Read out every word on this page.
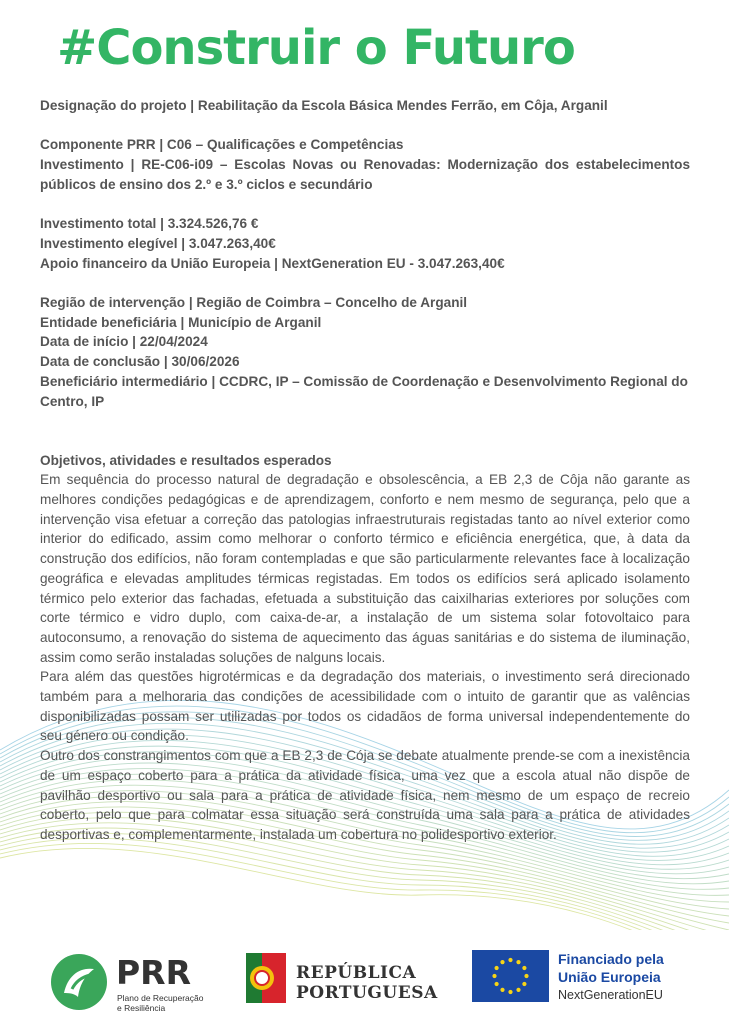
#Construir o Futuro

Designação do projeto | Reabilitação da Escola Básica Mendes Ferrão, em Côja, Arganil

Componente PRR | C06 – Qualificações e Competências

Investimento | RE-C06-i09 – Escolas Novas ou Renovadas: Modernização dos estabelecimentos públicos de ensino dos 2.º e 3.º ciclos e secundário

Investimento total | 3.324.526,76 €

Investimento elegível | 3.047.263,40€

Apoio financeiro da União Europeia | NextGeneration EU - 3.047.263,40€

Região de intervenção | Região de Coimbra – Concelho de Arganil

Entidade beneficiária | Município de Arganil

Data de início | 22/04/2024

Data de conclusão | 30/06/2026

Beneficiário intermediário | CCDRC, IP – Comissão de Coordenação e Desenvolvimento Regional do Centro, IP

Objetivos, atividades e resultados esperados

Em sequência do processo natural de degradação e obsolescência, a EB 2,3 de Côja não garante as melhores condições pedagógicas e de aprendizagem, conforto e nem mesmo de segurança, pelo que a intervenção visa efetuar a correção das patologias infraestruturais registadas tanto ao nível exterior como interior do edificado, assim como melhorar o conforto térmico e eficiência energética, que, à data da construção dos edifícios, não foram contempladas e que são particularmente relevantes face à localização geográfica e elevadas amplitudes térmicas registadas. Em todos os edifícios será aplicado isolamento térmico pelo exterior das fachadas, efetuada a substituição das caixilharias exteriores por soluções com corte térmico e vidro duplo, com caixa-de-ar, a instalação de um sistema solar fotovoltaico para autoconsumo, a renovação do sistema de aquecimento das águas sanitárias e do sistema de iluminação, assim como serão instaladas soluções de nalguns locais.

Para além das questões higrotérmicas e da degradação dos materiais, o investimento será direcionado também para a melhoraria das condições de acessibilidade com o intuito de garantir que as valências disponibilizadas possam ser utilizadas por todos os cidadãos de forma universal independentemente do seu género ou condição.

Outro dos constrangimentos com que a EB 2,3 de Cója se debate atualmente prende-se com a inexistência de um espaço coberto para a prática da atividade física, uma vez que a escola atual não dispõe de pavilhão desportivo ou sala para a prática de atividade física, nem mesmo de um espaço de recreio coberto, pelo que para colmatar essa situação será construída uma sala para a prática de atividades desportivas e, complementarmente, instalada um cobertura no polidesportivo exterior.

PRR
Plano de Recuperação
e Resiliência
REPÚBLICA
PORTUGUESA
Financiado pela
União Europeia
NextGenerationEU
